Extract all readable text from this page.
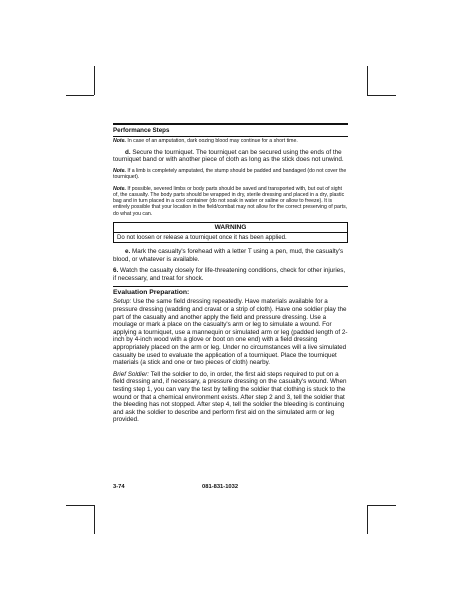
Performance Steps
Note. In case of an amputation, dark oozing blood may continue for a short time.
d. Secure the tourniquet. The tourniquet can be secured using the ends of the tourniquet band or with another piece of cloth as long as the stick does not unwind.
Note. If a limb is completely amputated, the stump should be padded and bandaged (do not cover the tourniquet).
Note. If possible, severed limbs or body parts should be saved and transported with, but out of sight of, the casualty. The body parts should be wrapped in dry, sterile dressing and placed in a dry, plastic bag and in turn placed in a cool container (do not soak in water or saline or allow to freeze). It is entirely possible that your location in the field/combat may not allow for the correct preserving of parts, do what you can.
WARNING
Do not loosen or release a tourniquet once it has been applied.
e. Mark the casualty's forehead with a letter T using a pen, mud, the casualty's blood, or whatever is available.
6. Watch the casualty closely for life-threatening conditions, check for other injuries, if necessary, and treat for shock.
Evaluation Preparation:
Setup: Use the same field dressing repeatedly. Have materials available for a pressure dressing (wadding and cravat or a strip of cloth). Have one soldier play the part of the casualty and another apply the field and pressure dressing. Use a moulage or mark a place on the casualty's arm or leg to simulate a wound. For applying a tourniquet, use a mannequin or simulated arm or leg (padded length of 2-inch by 4-inch wood with a glove or boot on one end) with a field dressing appropriately placed on the arm or leg. Under no circumstances will a live simulated casualty be used to evaluate the application of a tourniquet. Place the tourniquet materials (a stick and one or two pieces of cloth) nearby.
Brief Soldier: Tell the soldier to do, in order, the first aid steps required to put on a field dressing and, if necessary, a pressure dressing on the casualty's wound. When testing step 1, you can vary the test by telling the soldier that clothing is stuck to the wound or that a chemical environment exists. After step 2 and 3, tell the soldier that the bleeding has not stopped. After step 4, tell the soldier the bleeding is continuing and ask the soldier to describe and perform first aid on the simulated arm or leg provided.
3-74	081-831-1032
